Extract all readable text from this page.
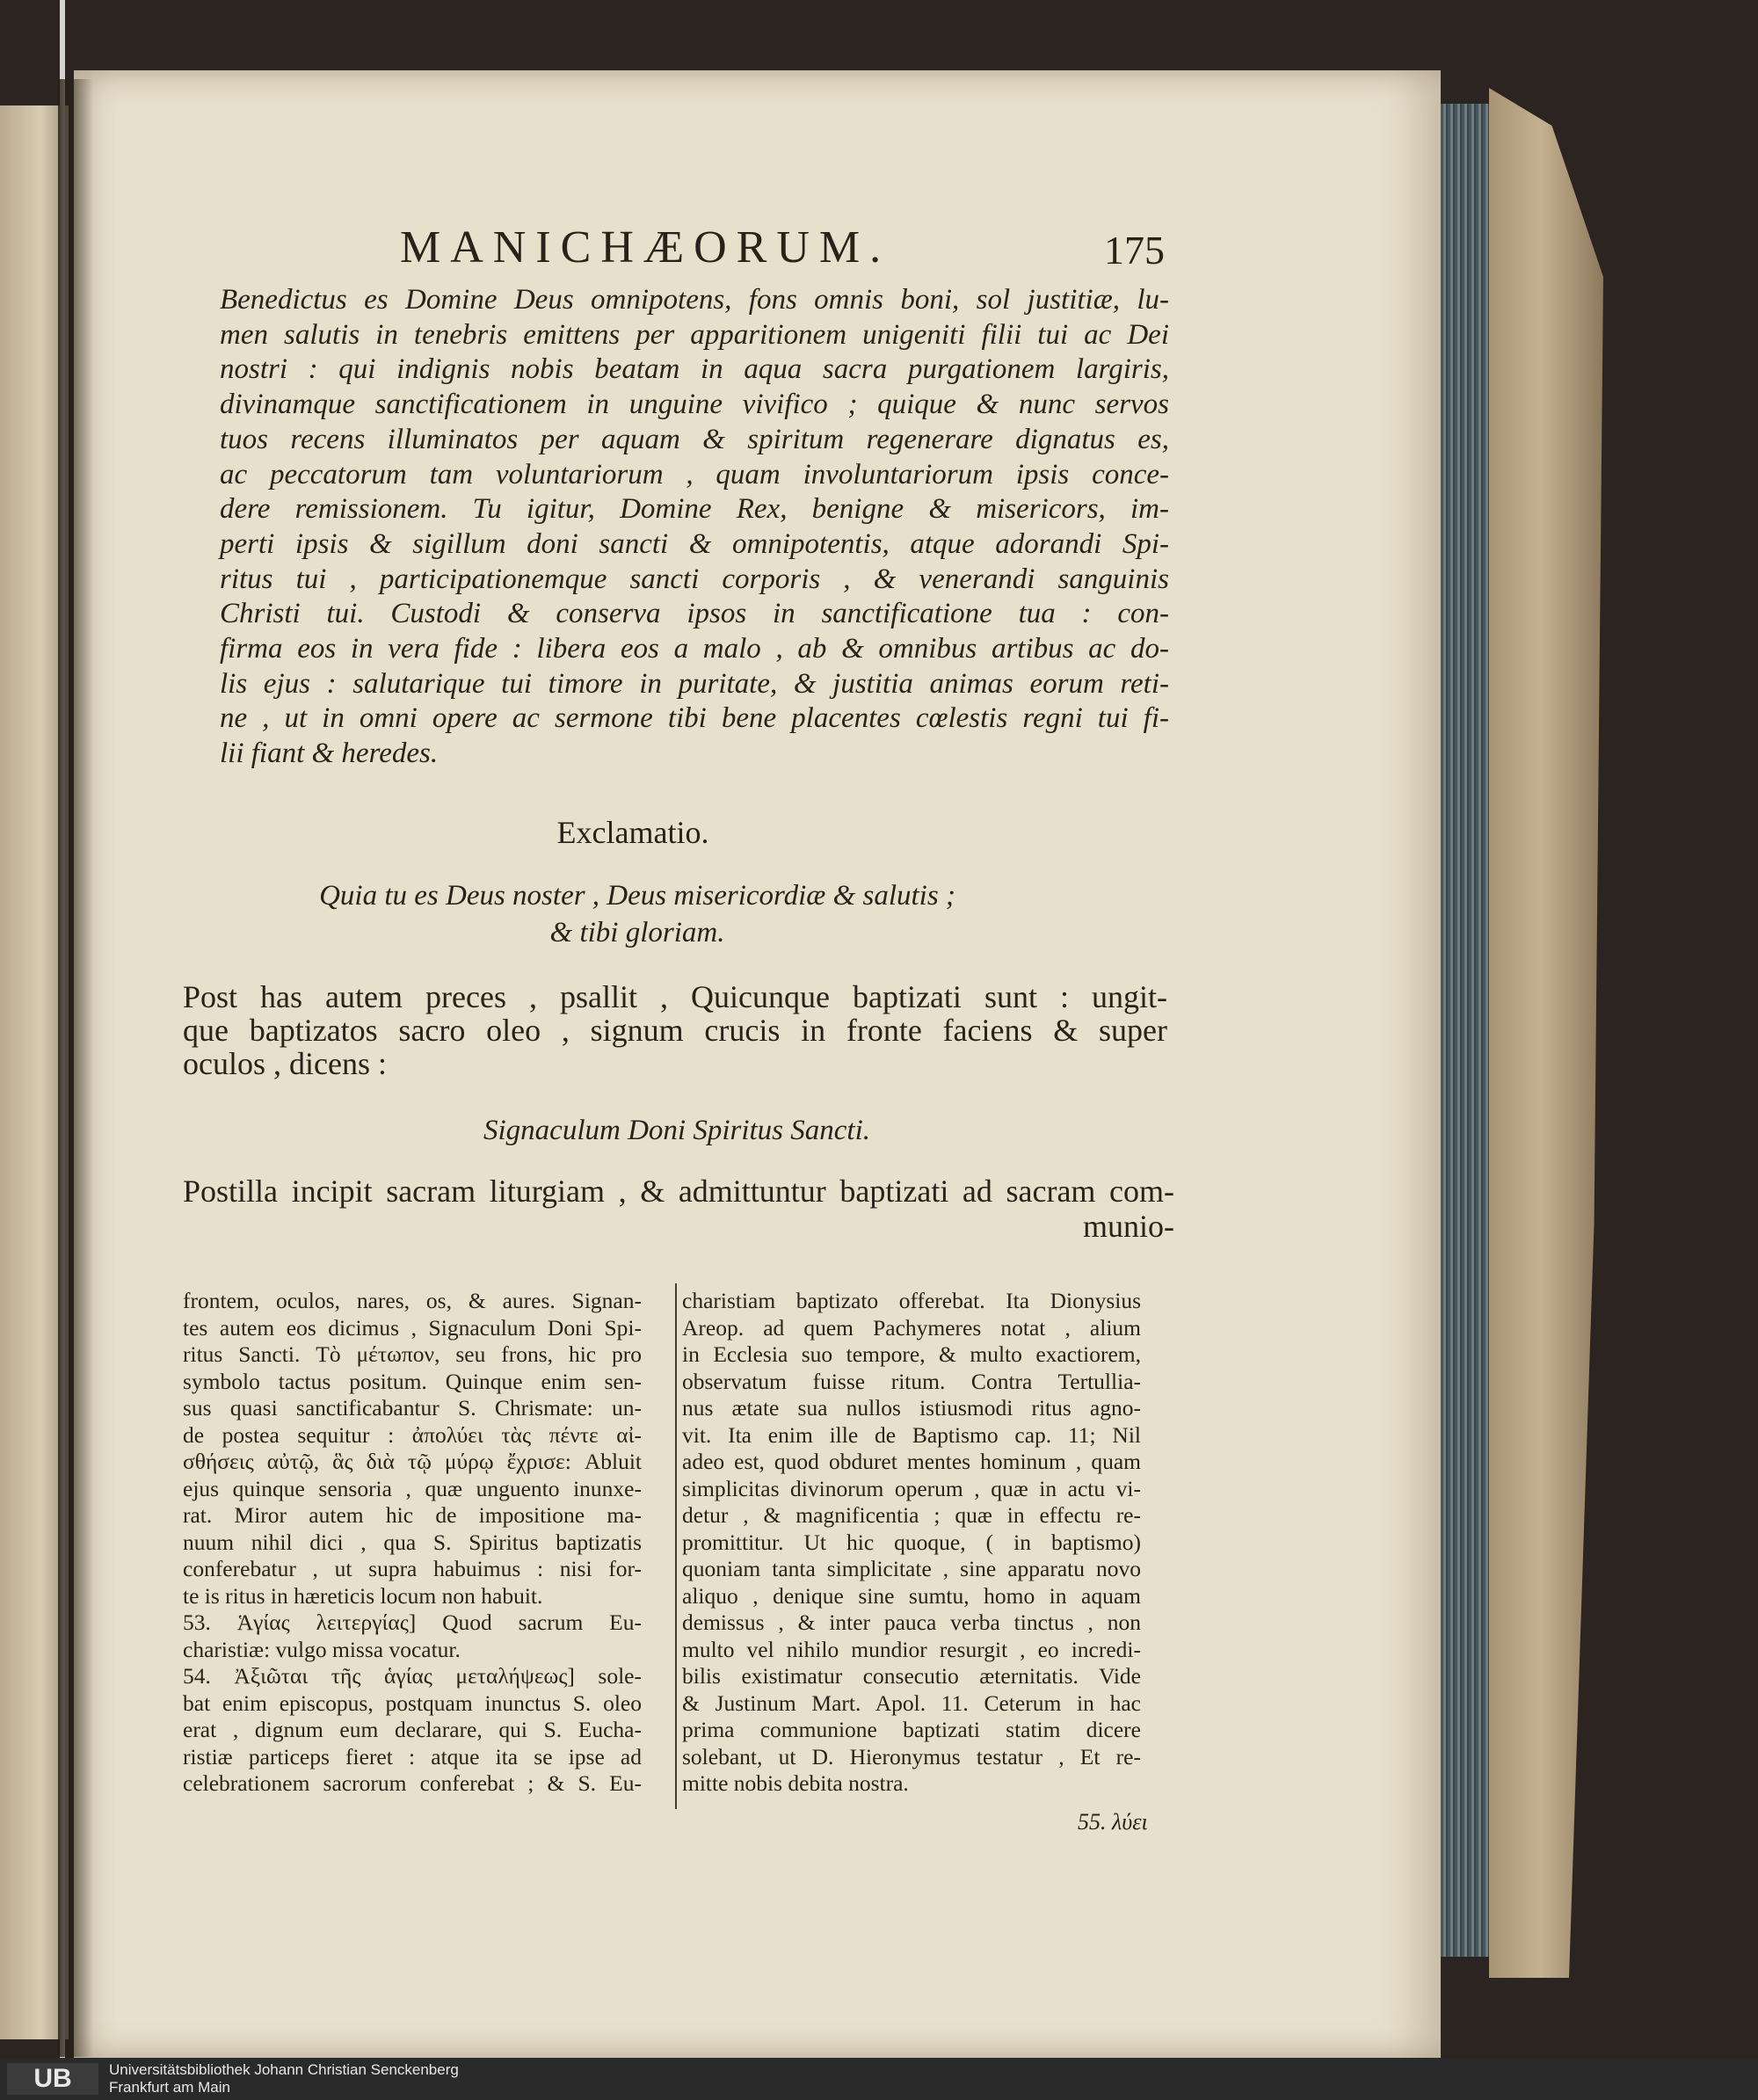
MANICHÆORUM.	175
Benedictus es Domine Deus omnipotens, fons omnis boni, sol justitiæ, lu-
men salutis in tenebris emittens per apparitionem unigeniti filii tui ac Dei
nostri : qui indignis nobis beatam in aqua sacra purgationem largiris,
divinamque sanctificationem in unguine vivifico ; quique & nunc servos
tuos recens illuminatos per aquam & spiritum regenerare dignatus es,
ac peccatorum tam voluntariorum , quam involuntariorum ipsis conce-
dere remissionem. Tu igitur, Domine Rex, benigne & misericors, im-
perti ipsis & sigillum doni sancti & omnipotentis, atque adorandi Spi-
ritus tui , participationemque sancti corporis , & venerandi sanguinis
Christi tui. Custodi & conserva ipsos in sanctificatione tua : con-
firma eos in vera fide : libera eos a malo , ab & omnibus artibus ac do-
lis ejus : salutarique tui timore in puritate, & justitia animas eorum reti-
ne , ut in omni opere ac sermone tibi bene placentes cœlestis regni tui fi-
lii fiant & heredes.
Exclamatio.
Quia tu es Deus noster , Deus misericordiæ & salutis ;
& tibi gloriam.
Post has autem preces , psallit , Quicunque baptizati sunt : ungit-
que baptizatos sacro oleo , signum crucis in fronte faciens & super
oculos , dicens :
Signaculum Doni Spiritus Sancti.
Postilla incipit sacram liturgiam , & admittuntur baptizati ad sacram com-
munio-
frontem, oculos, nares, os, & aures. Signan-
tes autem eos dicimus , Signaculum Doni Spi-
ritus Sancti. Τὸ μέτωπον, seu frons, hic pro
symbolo tactus positum. Quinque enim sen-
sus quasi sanctificabantur S. Chrismate: un-
de postea sequitur : ἀπολύει τὰς πέντε αἰ-
σθήσεις αὐτῷ, ἃς διὰ τῷ μύρῳ ἔχρισε: Abluit
ejus quinque sensoria , quæ unguento inunxe-
rat. Miror autem hic de impositione ma-
nuum nihil dici , qua S. Spiritus baptizatis
conferebatur , ut supra habuimus : nisi for-
te is ritus in hæreticis locum non habuit.
53. Ἁγίας λειτεργίας] Quod sacrum Eu-
charistiæ: vulgo missa vocatur.
54. Ἀξιῶται τῆς ἁγίας μεταλήψεως] sole-
bat enim episcopus, postquam inunctus S. oleo
erat , dignum eum declarare, qui S. Eucha-
ristiæ particeps fieret : atque ita se ipse ad
celebrationem sacrorum conferebat ; & S. Eu-
charistiam baptizato offerebat. Ita Dionysius
Areop. ad quem Pachymeres notat , alium
in Ecclesia suo tempore, & multo exactiorem,
observatum fuisse ritum. Contra Tertullia-
nus ætate sua nullos istiusmodi ritus agno-
vit. Ita enim ille de Baptismo cap. 11; Nil
adeo est, quod obduret mentes hominum , quam
simplicitas divinorum operum , quæ in actu vi-
detur , & magnificentia ; quæ in effectu re-
promittitur. Ut hic quoque, ( in baptismo)
quoniam tanta simplicitate , sine apparatu novo
aliquo , denique sine sumtu, homo in aquam
demissus , & inter pauca verba tinctus , non
multo vel nihilo mundior resurgit , eo incredi-
bilis existimatur consecutio æternitatis. Vide
& Justinum Mart. Apol. 11. Ceterum in hac
prima communione baptizati statim dicere
solebant, ut D. Hieronymus testatur , Et re-
mitte nobis debita nostra.
55. λύει
UB	Universitätsbibliothek Johann Christian Senckenberg
Frankfurt am Main
